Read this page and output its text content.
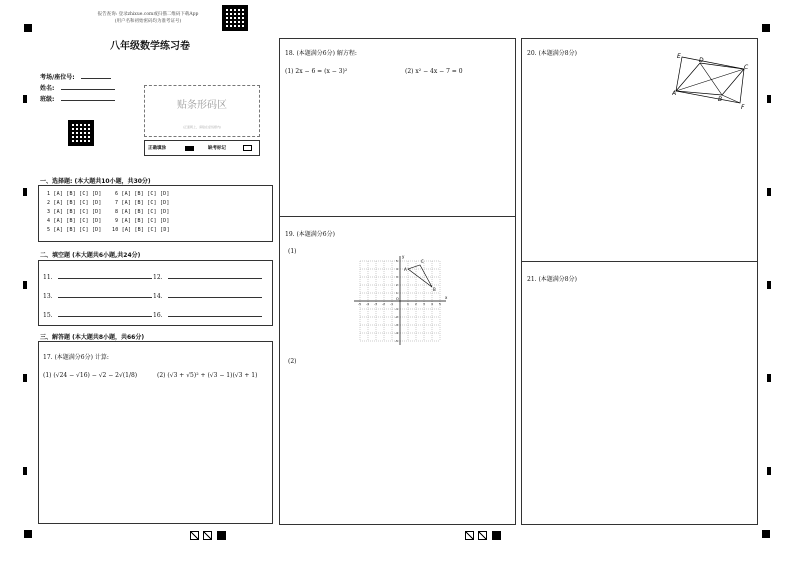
报告查询: 登录zhixue.com或扫描二维码下载App
(用户名和初始密码均为准考证号)
八年级数学练习卷
考场/座位号:
姓名:
班级:
贴条形码区
(正面朝上，请贴在虚线框内)
正确填涂	缺考标记
一、选择题: (本大题共10小题，共30分)
1 [A] [B] [C] [D]
2 [A] [B] [C] [D]
3 [A] [B] [C] [D]
4 [A] [B] [C] [D]
5 [A] [B] [C] [D]
6 [A] [B] [C] [D]
7 [A] [B] [C] [D]
8 [A] [B] [C] [D]
9 [A] [B] [C] [D]
10 [A] [B] [C] [D]
二、填空题 (本大题共6小题,共24分)
11.	12.
13.	14.
15.	16.
三、解答题 (本大题共8小题，共66分)
17. (本题满分6分) 计算:
(1) (√24 − √16) − √2 − 2√(1/8)	(2) (√3 + √5)² + (√3 − 1)(√3 + 1)
18. (本题满分6分) 解方程:
(1) 2x − 6 = (x − 3)²	(2) x² − 4x − 7 = 0
19. (本题满分6分)
(1)
(2)
A
B
C
x
y
O
-5 -4 -3 -2 -1	1 2 3 4 5
5
4
3
2
1
-1
-2
-3
-4
-5
20. (本题满分8分)	E
D
C
A
B
F
21. (本题满分8分)
